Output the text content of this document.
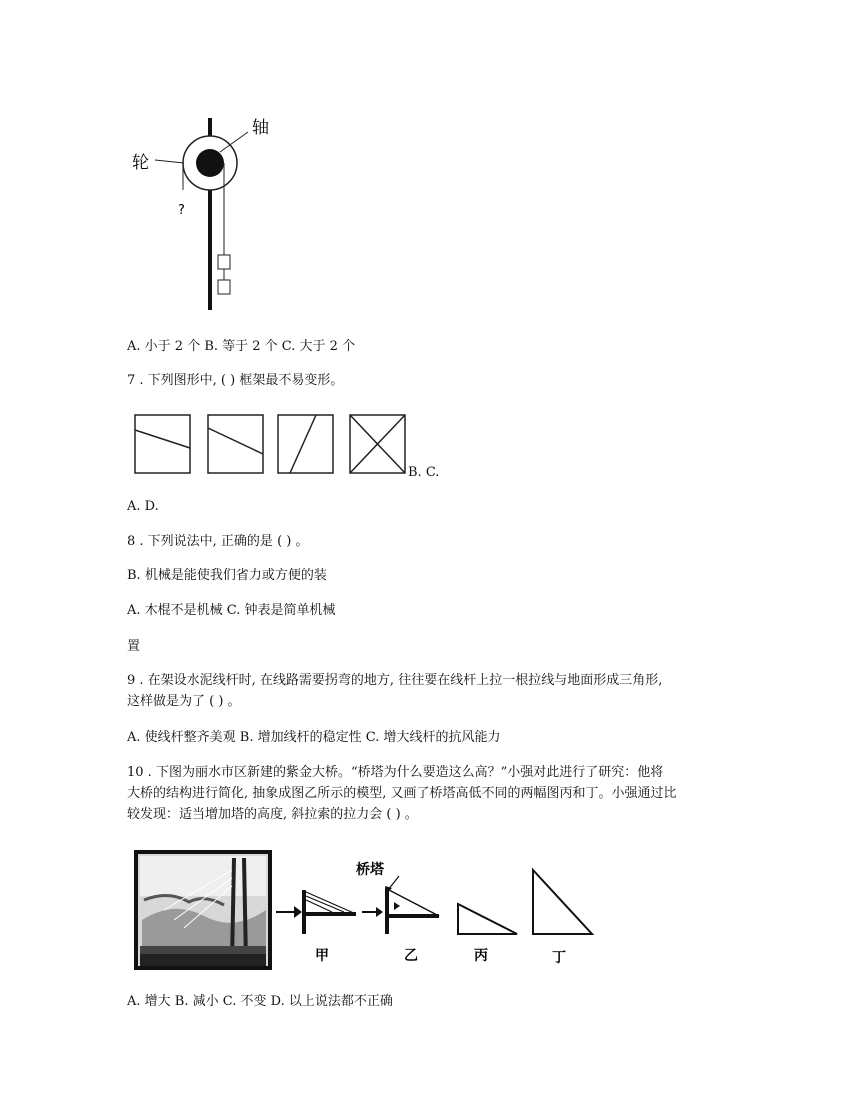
轮
轴
?
A. 小于 2 个 B. 等于 2 个 C. 大于 2 个
7 . 下列图形中, ( ) 框架最不易变形。
B. C.
A. D.
8 . 下列说法中, 正确的是 ( ) 。
B. 机械是能使我们省力或方便的装
A. 木棍不是机械 C. 钟表是简单机械
置
9 . 在架设水泥线杆时, 在线路需要拐弯的地方, 往往要在线杆上拉一根拉线与地面形成三角形,
这样做是为了 ( ) 。
A. 使线杆整齐美观 B. 增加线杆的稳定性 C. 增大线杆的抗风能力
10 . 下图为丽水市区新建的紫金大桥。“桥塔为什么要造这么高？”小强对此进行了研究：他将
大桥的结构进行简化, 抽象成图乙所示的模型, 又画了桥塔高低不同的两幅图丙和丁。小强通过比
较发现：适当增加塔的高度, 斜拉索的拉力会 ( ) 。
桥塔
甲	乙	丙	丁
A. 增大 B. 减小 C. 不变 D. 以上说法都不正确
